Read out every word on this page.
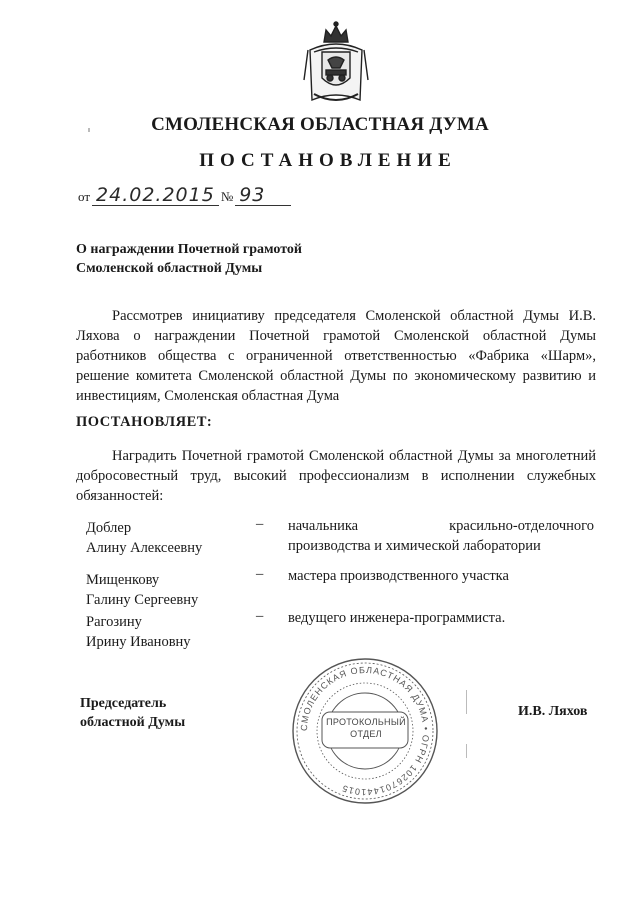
СМОЛЕНСКАЯ ОБЛАСТНАЯ ДУМА
ПОСТАНОВЛЕНИЕ
от 24.02.2015 № 93
О награждении Почетной грамотой
Смоленской областной Думы
Рассмотрев инициативу председателя Смоленской областной Думы И.В. Ляхова о награждении Почетной грамотой Смоленской областной Думы работников общества с ограниченной ответственностью «Фабрика «Шарм», решение комитета Смоленской областной Думы по экономическому развитию и инвестициям, Смоленская областная Дума
ПОСТАНОВЛЯЕТ:
Наградить Почетной грамотой Смоленской областной Думы за многолетний добросовестный труд, высокий профессионализм в исполнении служебных обязанностей:
Доблер
Алину Алексеевну
– начальника красильно-отделочного
производства и химической лаборатории
Мищенкову
Галину Сергеевну
– мастера производственного участка
Рагозину
Ирину Ивановну
– ведущего инженера-программиста.
Председатель
областной Думы
И.В. Ляхов
СМОЛЕНСКАЯ ОБЛАСТНАЯ ДУМА • ОГРН 1026701441015
ПРОТОКОЛЬНЫЙ
ОТДЕЛ
